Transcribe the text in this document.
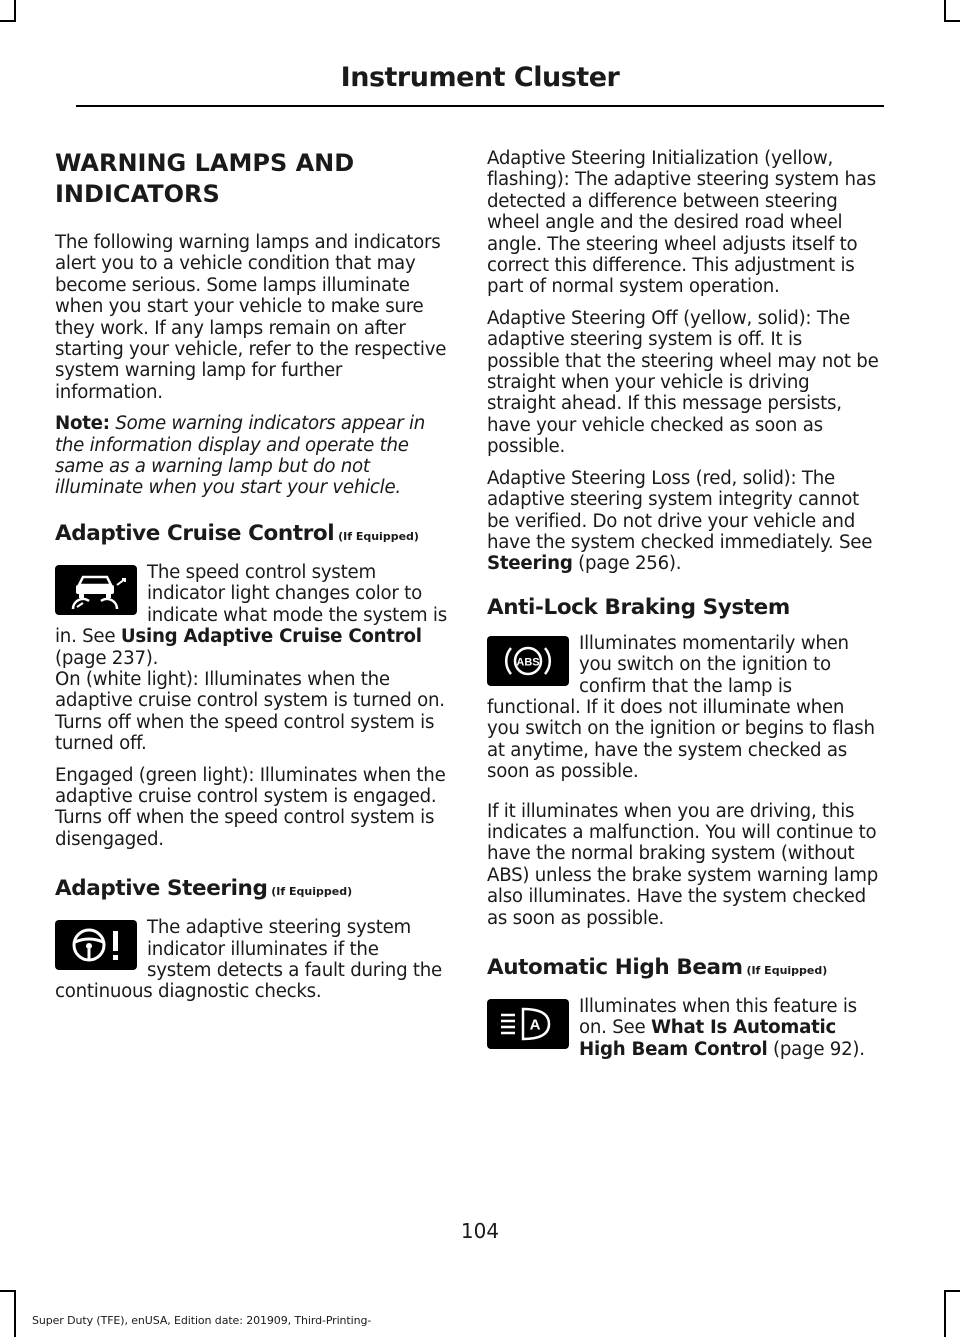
Instrument Cluster
WARNING LAMPS AND INDICATORS

The following warning lamps and indicators alert you to a vehicle condition that may become serious. Some lamps illuminate when you start your vehicle to make sure they work. If any lamps remain on after starting your vehicle, refer to the respective system warning lamp for further information.

Note: Some warning indicators appear in the information display and operate the same as a warning lamp but do not illuminate when you start your vehicle.

Adaptive Cruise Control (If Equipped)

The speed control system indicator light changes color to indicate what mode the system is in. See Using Adaptive Cruise Control (page 237).

On (white light): Illuminates when the adaptive cruise control system is turned on. Turns off when the speed control system is turned off.

Engaged (green light): Illuminates when the adaptive cruise control system is engaged. Turns off when the speed control system is disengaged.

Adaptive Steering (If Equipped)

The adaptive steering system indicator illuminates if the system detects a fault during the continuous diagnostic checks.

Adaptive Steering Initialization (yellow, flashing): The adaptive steering system has detected a difference between steering wheel angle and the desired road wheel angle. The steering wheel adjusts itself to correct this difference. This adjustment is part of normal system operation.

Adaptive Steering Off (yellow, solid): The adaptive steering system is off. It is possible that the steering wheel may not be straight when your vehicle is driving straight ahead. If this message persists, have your vehicle checked as soon as possible.

Adaptive Steering Loss (red, solid): The adaptive steering system integrity cannot be verified. Do not drive your vehicle and have the system checked immediately. See Steering (page 256).

Anti-Lock Braking System
ABS

Illuminates momentarily when you switch on the ignition to confirm that the lamp is functional. If it does not illuminate when you switch on the ignition or begins to flash at anytime, have the system checked as soon as possible.

If it illuminates when you are driving, this indicates a malfunction. You will continue to have the normal braking system (without ABS) unless the brake system warning lamp also illuminates. Have the system checked as soon as possible.

Automatic High Beam (If Equipped)
A

Illuminates when this feature is on. See What Is Automatic High Beam Control (page 92).

104
Super Duty (TFE), enUSA, Edition date: 201909, Third-Printing-
